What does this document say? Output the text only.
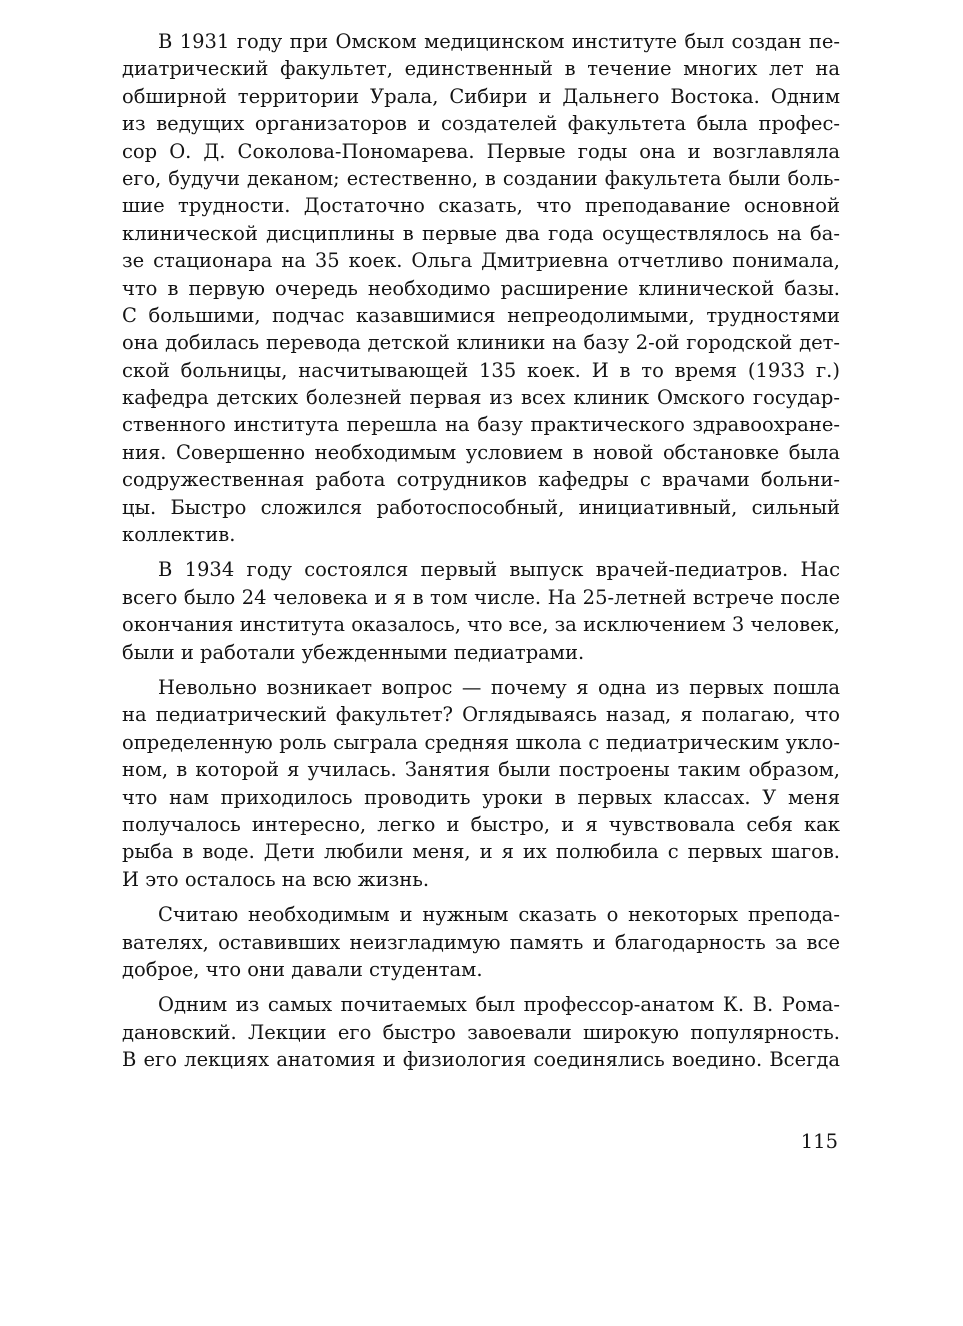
В 1931 году при Омском медицинском институте был создан пе-
диатрический факультет, единственный в течение многих лет на
обширной территории Урала, Сибири и Дальнего Востока. Одним
из ведущих организаторов и создателей факультета была профес-
сор О. Д. Соколова-Пономарева. Первые годы она и возглавляла
его, будучи деканом; естественно, в создании факультета были боль-
шие трудности. Достаточно сказать, что преподавание основной
клинической дисциплины в первые два года осуществлялось на ба-
зе стационара на 35 коек. Ольга Дмитриевна отчетливо понимала,
что в первую очередь необходимо расширение клинической базы.
С большими, подчас казавшимися непреодолимыми, трудностями
она добилась перевода детской клиники на базу 2-ой городской дет-
ской больницы, насчитывающей 135 коек. И в то время (1933 г.)
кафедра детских болезней первая из всех клиник Омского государ-
ственного института перешла на базу практического здравоохране-
ния. Совершенно необходимым условием в новой обстановке была
содружественная работа сотрудников кафедры с врачами больни-
цы. Быстро сложился работоспособный, инициативный, сильный
коллектив.
В 1934 году состоялся первый выпуск врачей-педиатров. Нас
всего было 24 человека и я в том числе. На 25-летней встрече после
окончания института оказалось, что все, за исключением 3 человек,
были и работали убежденными педиатрами.
Невольно возникает вопрос — почему я одна из первых пошла
на педиатрический факультет? Оглядываясь назад, я полагаю, что
определенную роль сыграла средняя школа с педиатрическим укло-
ном, в которой я училась. Занятия были построены таким образом,
что нам приходилось проводить уроки в первых классах. У меня
получалось интересно, легко и быстро, и я чувствовала себя как
рыба в воде. Дети любили меня, и я их полюбила с первых шагов.
И это осталось на всю жизнь.
Считаю необходимым и нужным сказать о некоторых препода-
вателях, оставивших неизгладимую память и благодарность за все
доброе, что они давали студентам.
Одним из самых почитаемых был профессор-анатом К. В. Рома-
дановский. Лекции его быстро завоевали широкую популярность.
В его лекциях анатомия и физиология соединялись воедино. Всегда
115
